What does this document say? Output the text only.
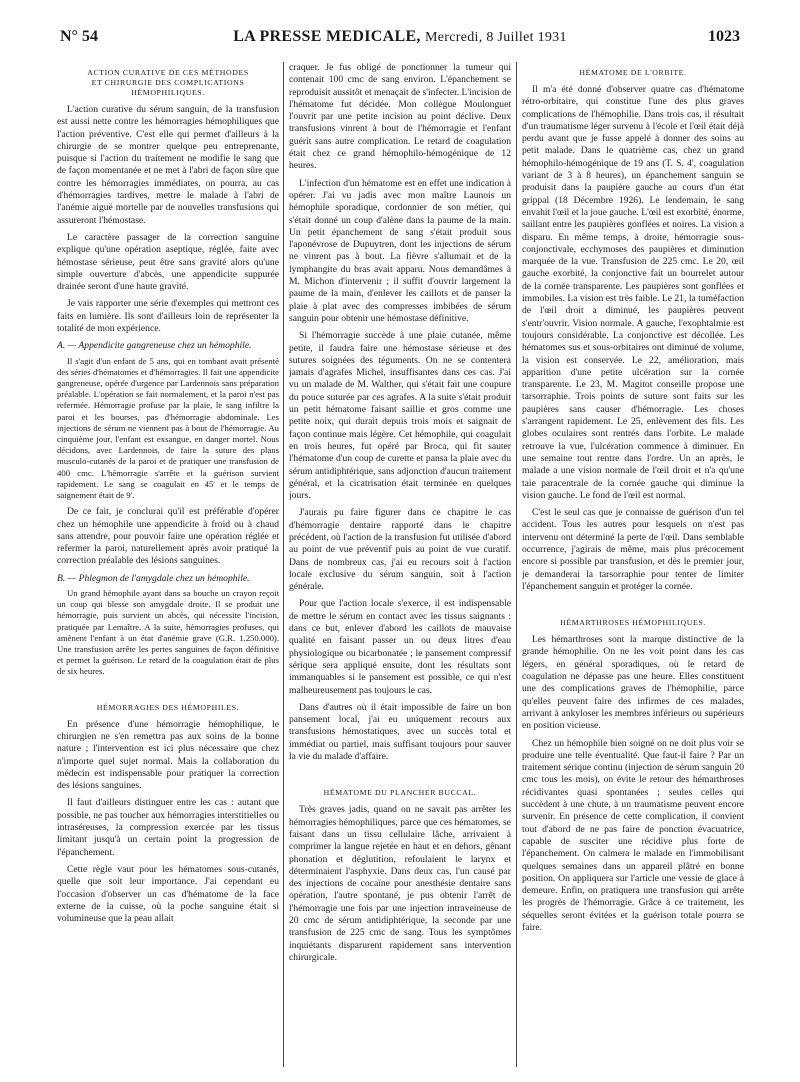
N° 54	LA PRESSE MEDICALE, Mercredi, 8 Juillet 1931	1023
ACTION CURATIVE DE CES MÉTHODES
ET CHIRURGIE DES COMPLICATIONS HÉMOPHILIQUES.

L'action curative du sérum sanguin, de la transfusion est aussi nette contre les hémorragies hémophiliques que l'action préventive. C'est elle qui permet d'ailleurs à la chirurgie de se montrer quelque peu entreprenante, puisque si l'action du traitement ne modifie le sang que de façon momentanée et ne met à l'abri de façon sûre que contre les hémorragies immédiates, on pourra, au cas d'hémorragies tardives, mettre le malade à l'abri de l'anémie aiguë mortelle par de nouvelles transfusions qui assureront l'hémostase.

Le caractère passager de la correction sanguine explique qu'une opération aseptique, réglée, faite avec hémostase sérieuse, peut être sans gravité alors qu'une simple ouverture d'abcès, une appendicite suppurée drainée seront d'une haute gravité.

Je vais rapporter une série d'exemples qui mettront ces faits en lumière. Ils sont d'ailleurs loin de représenter la totalité de mon expérience.

A. — Appendicite gangreneuse chez un hémophile.

Il s'agit d'un enfant de 5 ans, qui en tombant avait présenté des séries d'hématomes et d'hémorragies. Il fait une appendicite gangreneuse, opérée d'urgence par Lardennois sans préparation préalable. L'opération se fait normalement, et la paroi n'est pas refermée. Hémorragie profuse par la plaie, le sang infiltre la paroi et les bourses, pas d'hémorragie abdominale. Les injections de sérum ne viennent pas à bout de l'hémorragie. Au cinquième jour, l'enfant est exsangue, en danger mortel. Nous décidons, avec Lardennois, de faire la suture des plans musculo-cutanés de la paroi et de pratiquer une transfusion de 400 cmc. L'hémorragie s'arrête et la guérison survient rapidement. Le sang se coagulait en 45' et le temps de saignement était de 9'.

De ce fait, je conclurai qu'il est préférable d'opérer chez un hémophile une appendicite à froid ou à chaud sans attendre, pour pouvoir faire une opération réglée et refermer la paroi, naturellement après avoir pratiqué la correction préalable des lésions sanguines.

B. — Phlegmon de l'amygdale chez un hémophile.

Un grand hémophile ayant dans sa bouche un crayon reçoit un coup qui blesse son amygdale droite. Il se produit une hémorragie, puis survient un abcès, qui nécessite l'incision, pratiquée par Lemaître. A la suite, hémorragies profuses, qui amènent l'enfant à un état d'anémie grave (G.R. 1.250.000). Une transfusion arrête les pertes sanguines de façon définitive et permet la guérison. Le retard de la coagulation était de plus de six heures.

HÉMORRAGIES DES HÉMOPHILES.

En présence d'une hémorragie hémophilique, le chirurgien ne s'en remettra pas aux soins de la bonne nature ; l'intervention est ici plus nécessaire que chez n'importe quel sujet normal. Mais la collaboration du médecin est indispensable pour pratiquer la correction des lésions sanguines.

Il faut d'ailleurs distinguer entre les cas : autant que possible, ne pas toucher aux hémorragies interstitielles ou intraséreuses, la compression exercée par les tissus limitant jusqu'à un certain point la progression de l'épanchement.

Cette règle vaut pour les hématomes sous-cutanés, quelle que soit leur importance. J'ai cependant eu l'occasion d'observer un cas d'hématome de la face externe de la cuisse, où la poche sanguine était si volumineuse que la peau allait

craquer. Je fus obligé de ponctionner la tumeur qui contenait 100 cmc de sang environ. L'épanchement se reproduisit aussitôt et menaçait de s'infecter. L'incision de l'hématome fut décidée. Mon collègue Moulonguet l'ouvrit par une petite incision au point déclive. Deux transfusions vinrent à bout de l'hémorragie et l'enfant guérit sans autre complication. Le retard de coagulation était chez ce grand hémophilo-hémogénique de 12 heures.

L'infection d'un hématome est en effet une indication à opérer. J'ai vu jadis avec mon maître Launois un hémophile sporadique, cordonnier de son métier, qui s'était donné un coup d'alène dans la paume de la main. Un petit épanchement de sang s'était produit sous l'aponévrose de Dupuytren, dont les injections de sérum ne vinrent pas à bout. La fièvre s'allumait et de la lymphangite du bras avait apparu. Nous demandâmes à M. Michon d'intervenir ; il suffit d'ouvrir largement la paume de la main, d'enlever les caillots et de panser la plaie à plat avec des compresses imbibées de sérum sanguin pour obtenir une hémostase définitive.

Si l'hémorragie succède à une plaie cutanée, même petite, il faudra faire une hémostase sérieuse et des sutures soignées des téguments. On ne se contentera jamais d'agrafes Michel, insuffisantes dans ces cas. J'ai vu un malade de M. Walther, qui s'était fait une coupure du pouce suturée par ces agrafes. A la suite s'était produit un petit hématome faisant saillie et gros comme une petite noix, qui durait depuis trois mois et saignait de façon continue mais légère. Cet hémophile, qui coagulait en trois heures, fut opéré par Broca, qui fit sauter l'hématome d'un coup de curette et pansa la plaie avec du sérum antidiphtérique, sans adjonction d'aucun traitement général, et la cicatrisation était terminée en quelques jours.

J'aurais pu faire figurer dans ce chapitre le cas d'hémorragie dentaire rapporté dans le chapitre précédent, où l'action de la transfusion fut utilisée d'abord au point de vue préventif puis au point de vue curatif. Dans de nombreux cas, j'ai eu recours soit à l'action locale exclusive du sérum sanguin, soit à l'action générale.

Pour que l'action locale s'exerce, il est indispensable de mettre le sérum en contact avec les tissus saignants : dans ce but, enlever d'abord les caillots de mauvaise qualité en faisant passer un ou deux litres d'eau physiologique ou bicarbonatée ; le pansement compressif sérique sera appliqué ensuite, dont les résultats sont immanquables si le pansement est possible, ce qui n'est malheureusement pas toujours le cas.

Dans d'autres où il était impossible de faire un bon pansement local, j'ai eu uniquement recours aux transfusions hémostatiques, avec un succès total et immédiat ou partiel, mais suffisant toujours pour sauver la vie du malade d'affaire.

HÉMATOME DU PLANCHER BUCCAL.

Très graves jadis, quand on ne savait pas arrêter les hémorragies hémophiliques, parce que ces hématomes, se faisant dans un tissu cellulaire lâche, arrivaient à comprimer la langue rejetée en haut et en dehors, gênant phonation et déglutition, refoulaient le larynx et déterminaient l'asphyxie. Dans deux cas, l'un causé par des injections de cocaïne pour anesthésie dentaire sans opération, l'autre spontané, je pus obtenir l'arrêt de l'hémorragie une fois par une injection intraveineuse de 20 cmc de sérum antidiphtérique, la seconde par une transfusion de 225 cmc de sang. Tous les symptômes inquiétants disparurent rapidement sans intervention chirurgicale.

HÉMATOME DE L'ORBITE.

Il m'a été donné d'observer quatre cas d'hématome rétro-orbitaire, qui constitue l'une des plus graves complications de l'hémophilie. Dans trois cas, il résultait d'un traumatisme léger survenu à l'école et l'œil était déjà perdu avant que je fusse appelé à donner des soins au petit malade. Dans le quatrième cas, chez un grand hémophilo-hémogénique de 19 ans (T. S. 4', coagulation variant de 3 à 8 heures), un épanchement sanguin se produisit dans la paupière gauche au cours d'un état grippal (18 Décembre 1926). Le lendemain, le sang envahit l'œil et la joue gauche. L'œil est exorbité, énorme, saillant entre les paupières gonflées et noires. La vision a disparu. En même temps, à droite, hémorragie sous-conjonctivale, ecchymoses des paupières et diminution marquée de la vue. Transfusion de 225 cmc. Le 20, œil gauche exorbité, la conjonctive fait un bourrelet autour de la cornée transparente. Les paupières sont gonflées et immobiles. La vision est très faible. Le 21, la tuméfaction de l'œil droit a diminué, les paupières peuvent s'entr'ouvrir. Vision normale. A gauche, l'exophtalmie est toujours considérable. La conjonctive est décollée. Les hématomes sus et sous-orbitaires ont diminué de volume, la vision est conservée. Le 22, amélioration, mais apparition d'une petite ulcération sur la cornée transparente. Le 23, M. Magitot conseille propose une tarsorraphie. Trois points de suture sont faits sur les paupières sans causer d'hémorragie. Les choses s'arrangent rapidement. Le 25, enlèvement des fils. Les globes oculaires sont rentrés dans l'orbite. Le malade retrouve la vue, l'ulcération commence à diminuer. En une semaine tout rentre dans l'ordre. Un an après, le malade a une vision normale de l'œil droit et n'a qu'une taie paracentrale de la cornée gauche qui diminue la vision gauche. Le fond de l'œil est normal.

C'est le seul cas que je connaisse de guérison d'un tel accident. Tous les autres pour lesquels on n'est pas intervenu ont déterminé la perte de l'œil. Dans semblable occurrence, j'agirais de même, mais plus précocement encore si possible par transfusion, et dès le premier jour, je demanderai la tarsorraphie pour tenter de limiter l'épanchement sanguin et protéger la cornée.

HÉMARTHROSES HÉMOPHILIQUES.

Les hémarthroses sont la marque distinctive de la grande hémophilie. On ne les voit point dans les cas légers, en général sporadiques, où le retard de coagulation ne dépasse pas une heure. Elles constituent une des complications graves de l'hémophilie, parce qu'elles peuvent faire des infirmes de ces malades, arrivant à ankyloser les membres inférieurs ou supérieurs en position vicieuse.

Chez un hémophile bien soigné on ne doit plus voir se produire une telle éventualité. Que faut-il faire ? Par un traitement sérique continu (injection de sérum sanguin 20 cmc tous les mois), on évite le retour des hémarthroses récidivantes quasi spontanées ; seules celles qui succèdent à une chute, à un traumatisme peuvent encore survenir. En présence de cette complication, il convient tout d'abord de ne pas faire de ponction évacuatrice, capable de susciter une récidive plus forte de l'épanchement. On calmera le malade en l'immobilisant quelques semaines dans un appareil plâtré en bonne position. On appliquera sur l'article une vessie de glace à demeure. Enfin, on pratiquera une transfusion qui arrête les progrès de l'hémorragie. Grâce à ce traitement, les séquelles seront évitées et la guérison totale pourra se faire.
